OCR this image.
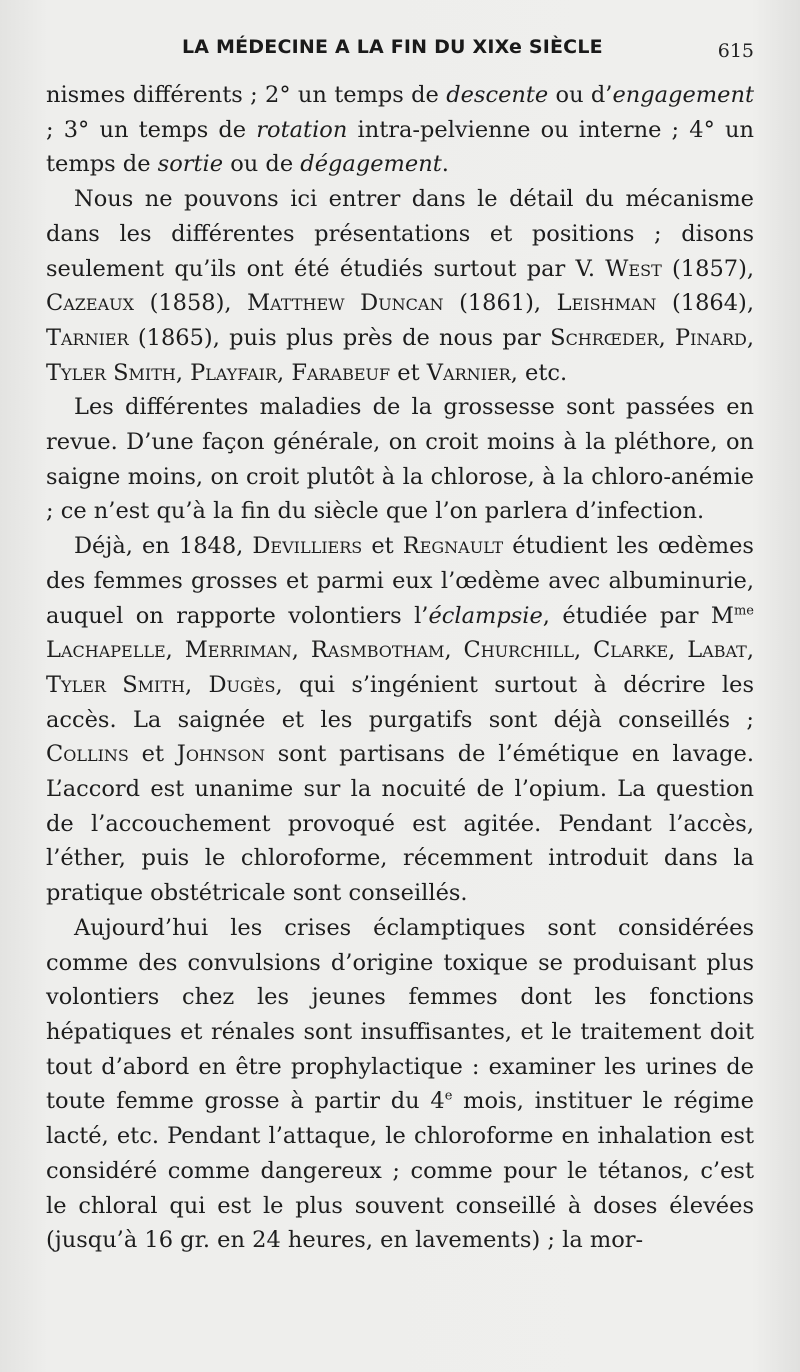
LA MÉDECINE A LA FIN DU XIXe SIÈCLE	615

nismes différents ; 2° un temps de descente ou d’engagement ; 3° un temps de rotation intra-pelvienne ou interne ; 4° un temps de sortie ou de dégagement.

Nous ne pouvons ici entrer dans le détail du mécanisme dans les différentes présentations et positions ; disons seulement qu’ils ont été étudiés surtout par V. West (1857), Cazeaux (1858), Matthew Duncan (1861), Leishman (1864), Tarnier (1865), puis plus près de nous par Schrœder, Pinard, Tyler Smith, Playfair, Farabeuf et Varnier, etc.

Les différentes maladies de la grossesse sont passées en revue. D’une façon générale, on croit moins à la pléthore, on saigne moins, on croit plutôt à la chlorose, à la chloro-anémie ; ce n’est qu’à la fin du siècle que l’on parlera d’infection.

Déjà, en 1848, Devilliers et Regnault étudient les œdèmes des femmes grosses et parmi eux l’œdème avec albuminurie, auquel on rapporte volontiers l’éclampsie, étudiée par $M^{me}$ Lachapelle, Merriman, Rasmbotham, Churchill, Clarke, Labat, Tyler Smith, Dugès, qui s’ingénient surtout à décrire les accès. La saignée et les purgatifs sont déjà conseillés ; Collins et Johnson sont partisans de l’émétique en lavage. L’accord est unanime sur la nocuité de l’opium. La question de l’accouchement provoqué est agitée. Pendant l’accès, l’éther, puis le chloroforme, récemment introduit dans la pratique obstétricale sont conseillés.

Aujourd’hui les crises éclamptiques sont considérées comme des convulsions d’origine toxique se produisant plus volontiers chez les jeunes femmes dont les fonctions hépatiques et rénales sont insuffisantes, et le traitement doit tout d’abord en être prophylactique : examiner les urines de toute femme grosse à partir du 4e mois, instituer le régime lacté, etc. Pendant l’attaque, le chloroforme en inhalation est considéré comme dangereux ; comme pour le tétanos, c’est le chloral qui est le plus souvent conseillé à doses élevées (jusqu’à 16 gr. en 24 heures, en lavements) ; la mor-
